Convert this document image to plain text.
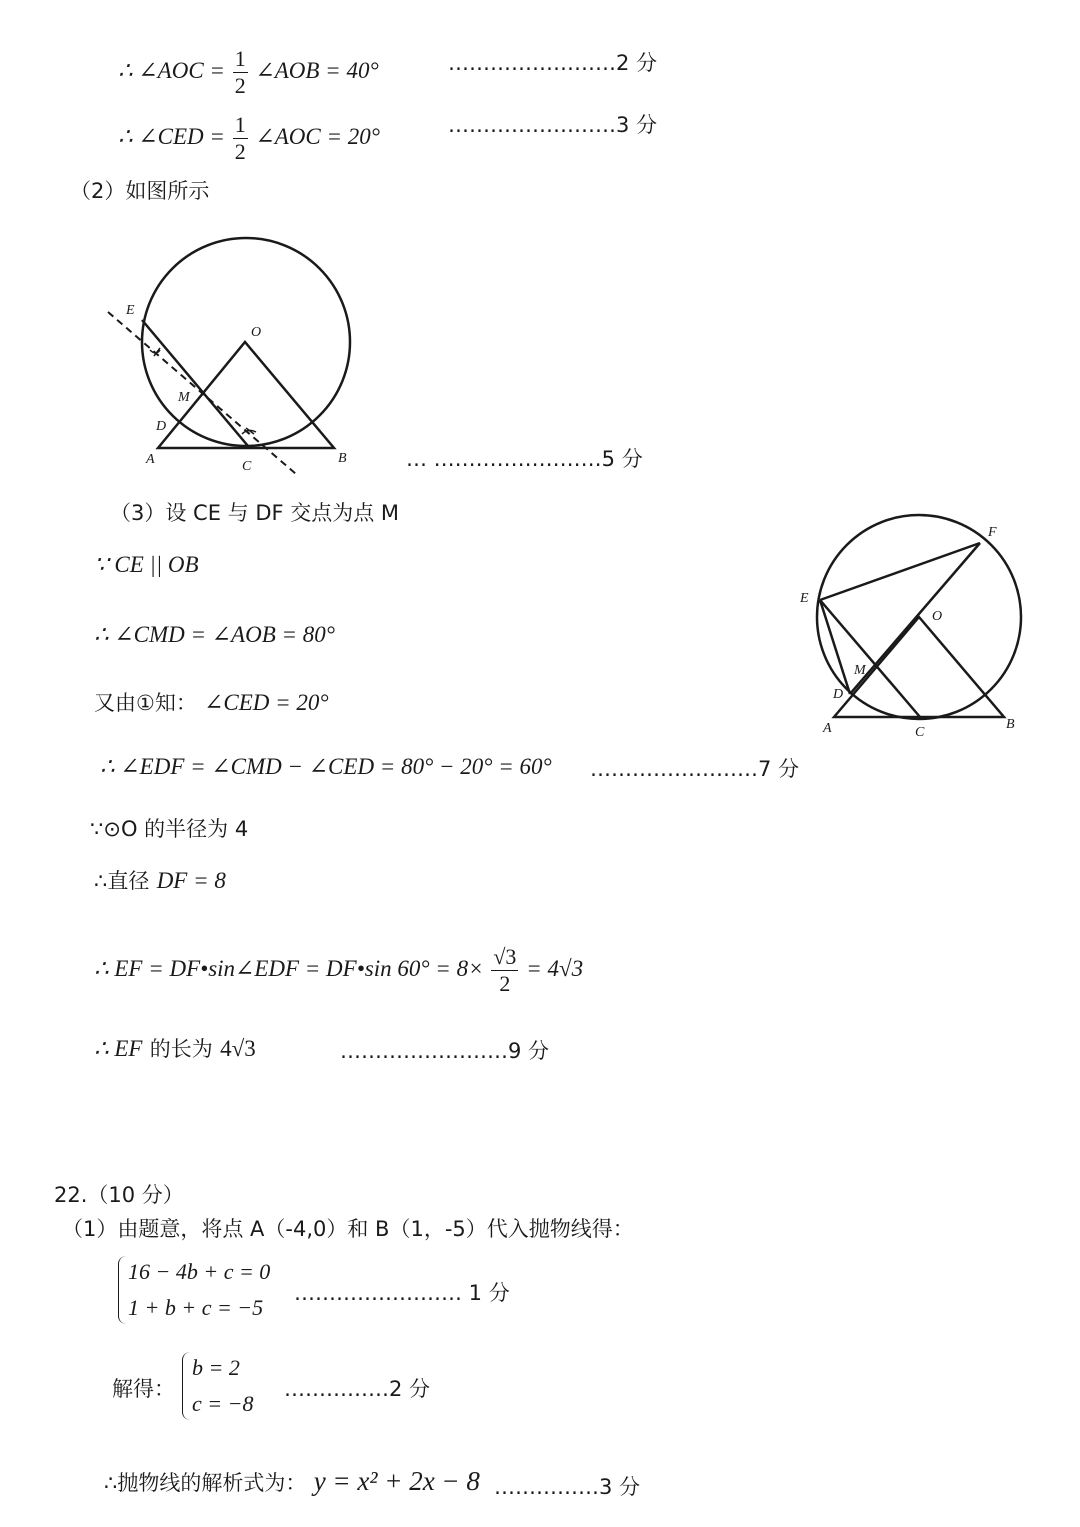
∴ ∠AOC = $\frac{1}{2}$ ∠AOB = 40°	……………………2 分
∴ ∠CED = $\frac{1}{2}$ ∠AOC = 20°	……………………3 分
（2）如图所示
E
O
M
D
A	C
B	… ……………………5 分
（3）设 CE 与 DF 交点为点 M
∵ CE || OB
∴ ∠CMD = ∠AOB = 80°
又由①知： ∠CED = 20°
∴ ∠EDF = ∠CMD − ∠CED = 80° − 20° = 60° ……………………7 分
F
E
O
M
D
A	C
B
∵⊙O 的半径为 4
∴直径 DF = 8
∴ EF = DF•sin∠EDF = DF•sin $60^\circ = 8\times \frac{√3}{2} = 4√3$
∴ EF 的长为 4√3	……………………9 分
22.（10 分）
（1）由题意，将点 A（-4,0）和 B（1，-5）代入抛物线得：
16 − 4b + c = 0
1 + b + c = −5
…………………… 1 分
解得：
b = 2
c = −8
……………2 分
∴抛物线的解析式为： y = x² + 2x − 8 ……………3 分
